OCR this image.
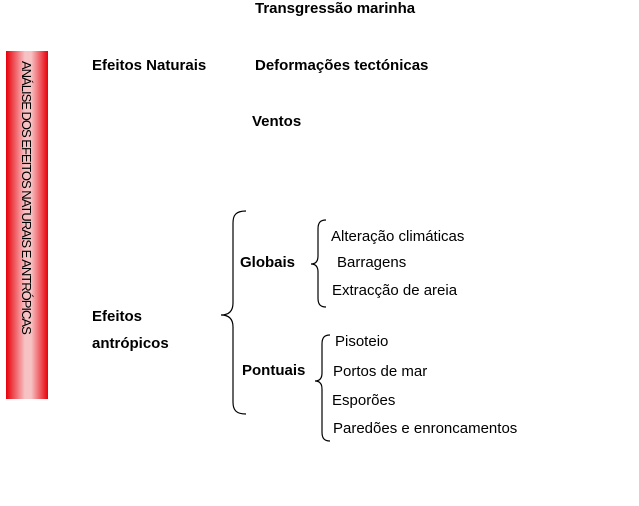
ANÁLISE DOS EFEITOS NATURAIS E ANTRÓPICAS	Efeitos Naturais
Transgressão marinha
Deformações tectónicas
Ventos
Efeitos
antrópicos
Globais
Pontuais
Alteração climáticas
Barragens
Extracção de areia
Pisoteio
Portos de mar
Esporões
Paredões e enroncamentos
